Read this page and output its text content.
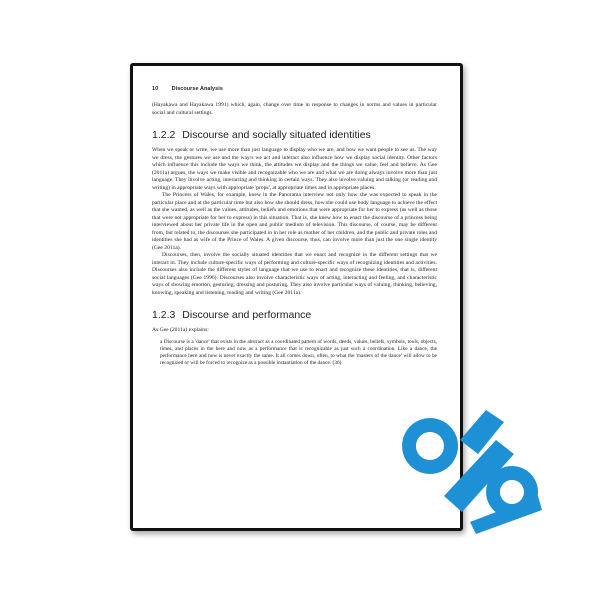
10 Discourse Analysis

(Hayakawa and Hayakawa 1991) which, again, change over time in response to changes in norms and values in particular social and cultural settings.

1.2.2 Discourse and socially situated identities

When we speak or write, we use more than just language to display who we are, and how we want people to see us. The way we dress, the gestures we use and the way/s we act and interact also influence how we display social identity. Other factors which influence this include the ways we think, the attitudes we display and the things we value, feel and believe. As Gee (2011a) argues, the ways we make visible and recognizable who we are and what we are doing always involve more than just language. They involve acting, interacting and thinking in certain ways. They also involve valuing and talking (or reading and writing) in appropriate ways with appropriate 'props', at appropriate times and in appropriate places.

The Princess of Wales, for example, knew in the Panorama interview not only how she was expected to speak in the particular place and at the particular time but also how she should dress, how she could use body language to achieve the effect that she wanted, as well as the values, attitudes, beliefs and emotions that were appropriate for her to express (as well as those that were not appropriate for her to express) in this situation. That is, she knew how to enact the discourse of a princess being interviewed about her private life in the open and public medium of television. This discourse, of course, may be different from, but related to, the discourses she participated in in her role as mother of her children, and the public and private roles and identities she had as wife of the Prince of Wales. A given discourse, thus, can involve more than just the one single identity (Gee 2011a).

Discourses, then, involve the socially situated identities that we enact and recognize in the different settings that we interact in. They include culture-specific ways of performing and culture-specific ways of recognizing identities and activities. Discourses also include the different styles of language that we use to enact and recognize these identities, that is, different social languages (Gee 1996). Discourses also involve characteristic ways of acting, interacting and feeling, and characteristic ways of showing emotion, gesturing, dressing and posturing. They also involve particular ways of valuing, thinking, believing, knowing, speaking and listening, reading and writing (Gee 2011a).

1.2.3 Discourse and performance

As Gee (2011a) explains:

a Discourse is a 'dance' that exists in the abstract as a coordinated pattern of words, deeds, values, beliefs, symbols, tools, objects, times, and places in the here and now as a performance that is recognizable as just such a coordination. Like a dance, the performance here and now is never exactly the same. It all comes down, often, to what the 'masters of the dance' will allow to be recognized or will be forced to recognize as a possible instantiation of the dance. (36)
